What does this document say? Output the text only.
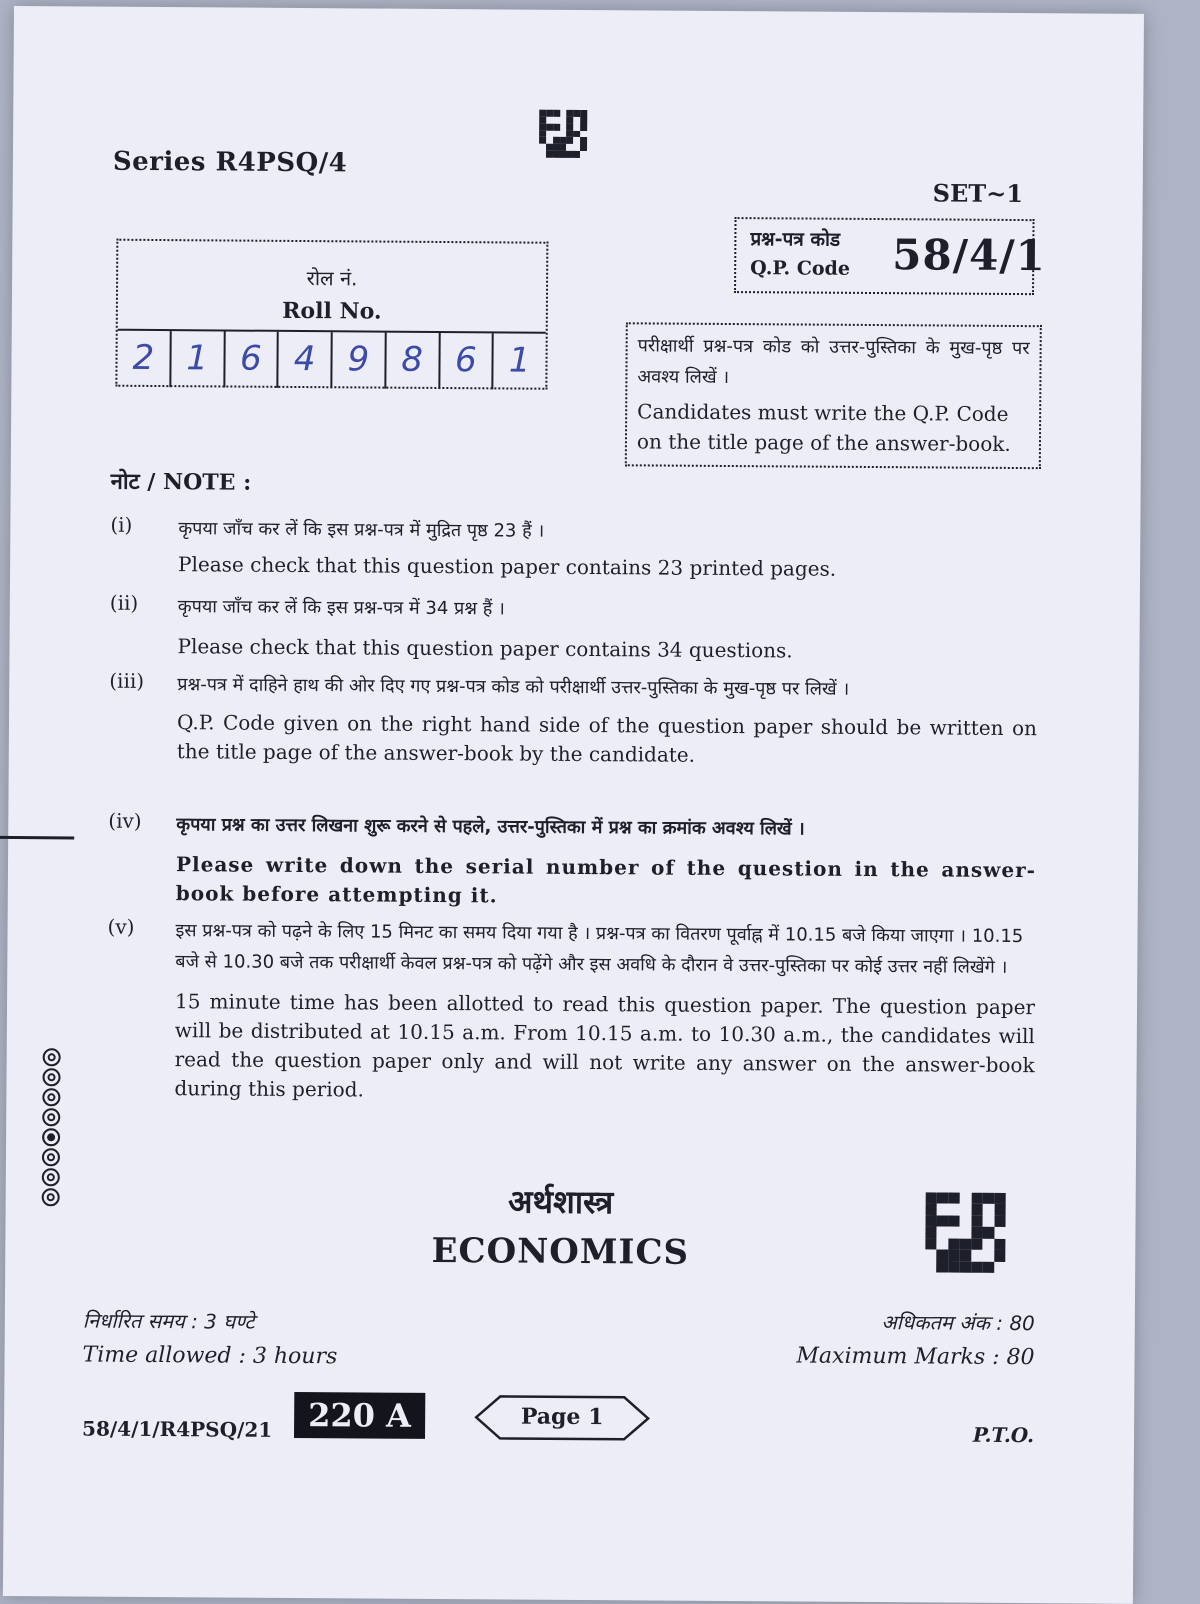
Series R4PSQ/4
SET~1
प्रश्न-पत्र कोड
Q.P. Code 58/4/1
रोल नं.
Roll No.
2 1 6 4 9 8 6 1	परीक्षार्थी प्रश्न-पत्र कोड को उत्तर-पुस्तिका के मुख-पृष्ठ पर अवश्य लिखें ।
Candidates must write the Q.P. Code
on the title page of the answer-book.
नोट / NOTE :
(i)	कृपया जाँच कर लें कि इस प्रश्न-पत्र में मुद्रित पृष्ठ 23 हैं ।
Please check that this question paper contains 23 printed pages.
(ii)	कृपया जाँच कर लें कि इस प्रश्न-पत्र में 34 प्रश्न हैं ।
Please check that this question paper contains 34 questions.
(iii)	प्रश्न-पत्र में दाहिने हाथ की ओर दिए गए प्रश्न-पत्र कोड को परीक्षार्थी उत्तर-पुस्तिका के मुख-पृष्ठ पर लिखें ।
Q.P. Code given on the right hand side of the question paper should be written on the title page of the answer-book by the candidate.
(iv)	कृपया प्रश्न का उत्तर लिखना शुरू करने से पहले, उत्तर-पुस्तिका में प्रश्न का क्रमांक अवश्य लिखें ।
Please write down the serial number of the question in the answer-book before attempting it.
(v)	इस प्रश्न-पत्र को पढ़ने के लिए 15 मिनट का समय दिया गया है । प्रश्न-पत्र का वितरण पूर्वाह्न में 10.15 बजे किया जाएगा । 10.15 बजे से 10.30 बजे तक परीक्षार्थी केवल प्रश्न-पत्र को पढ़ेंगे और इस अवधि के दौरान वे उत्तर-पुस्तिका पर कोई उत्तर नहीं लिखेंगे ।
15 minute time has been allotted to read this question paper. The question paper will be distributed at 10.15 a.m. From 10.15 a.m. to 10.30 a.m., the candidates will read the question paper only and will not write any answer on the answer-book during this period.
अर्थशास्त्र
ECONOMICS
निर्धारित समय : 3 घण्टे
Time allowed : 3 hours
अधिकतम अंक : 80
Maximum Marks : 80
58/4/1/R4PSQ/21	220 A	Page 1
P.T.O.
